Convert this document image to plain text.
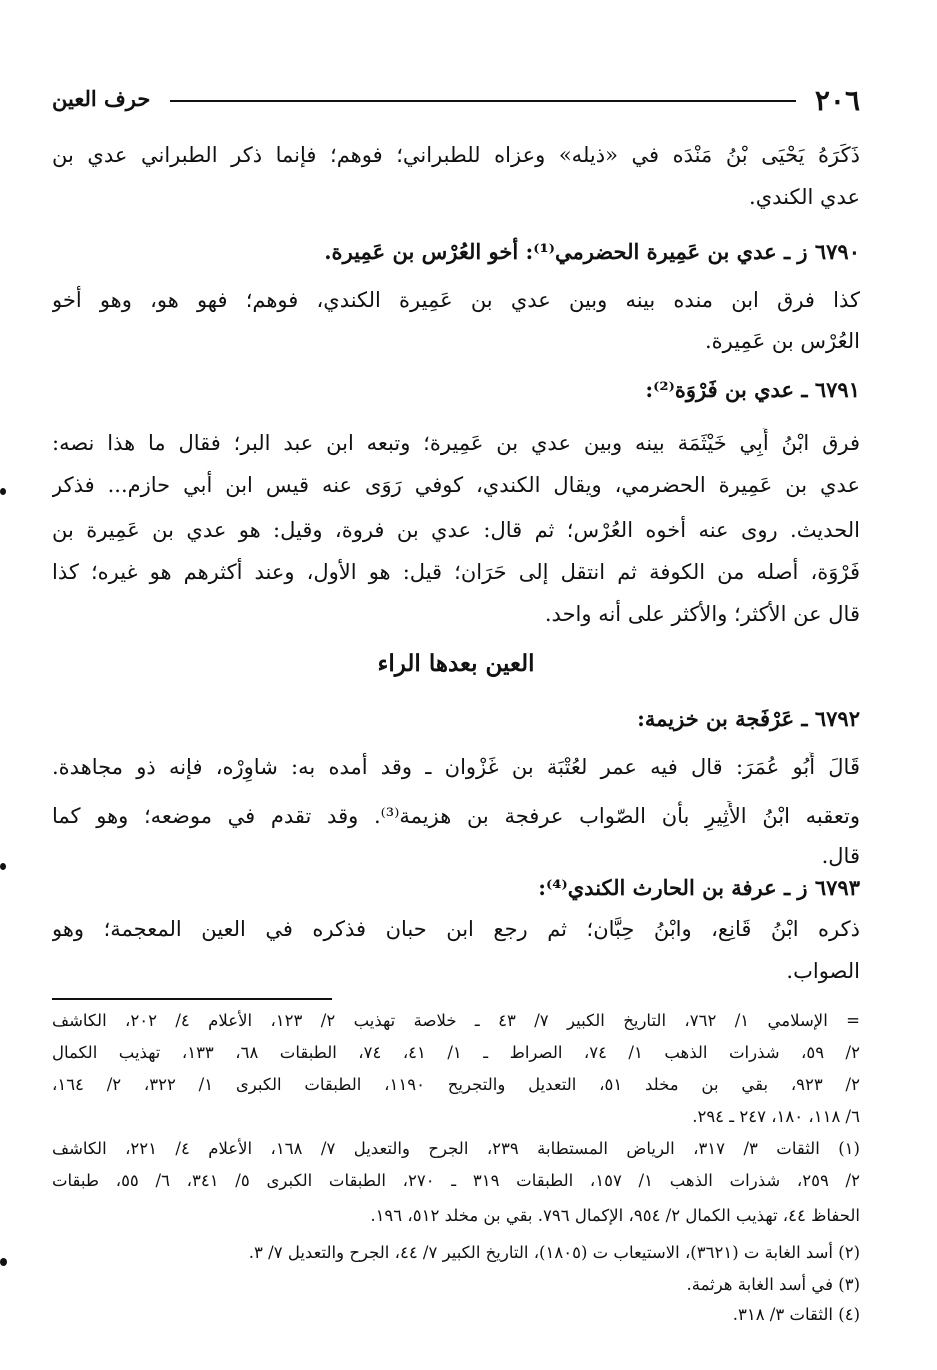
٢٠٦
حرف العين
ذَكَرَهُ يَحْيَى بْنُ مَنْدَه في «ذيله» وعزاه للطبراني؛ فوهم؛ فإنما ذكر الطبراني عدي بن
عدي الكندي.
٦٧٩٠ ز ـ عدي بن عَمِيرة الحضرمي⁽¹⁾: أخو العُرْس بن عَمِيرة.
كذا فرق ابن منده بينه وبين عدي بن عَمِيرة الكندي، فوهم؛ فهو هو، وهو أخو
العُرْس بن عَمِيرة.
٦٧٩١ ـ عدي بن فَرْوَة⁽²⁾:
فرق ابْنُ أَبِي خَيْثَمَة بينه وبين عدي بن عَمِيرة؛ وتبعه ابن عبد البر؛ فقال ما هذا نصه:
عدي بن عَمِيرة الحضرمي، ويقال الكندي، كوفي رَوَى عنه قيس ابن أبي حازم... فذكر
الحديث. روى عنه أخوه العُرْس؛ ثم قال: عدي بن فروة، وقيل: هو عدي بن عَمِيرة بن
فَرْوَة، أصله من الكوفة ثم انتقل إلى حَرَان؛ قيل: هو الأول، وعند أكثرهم هو غيره؛ كذا
قال عن الأكثر؛ والأكثر على أنه واحد.
العين بعدها الراء
٦٧٩٢ ـ عَرْفَجة بن خزيمة:
قَالَ أَبُو عُمَرَ: قال فيه عمر لعُتْبَة بن غَزْوان ـ وقد أمده به: شاوِرْه، فإنه ذو مجاهدة.
وتعقبه ابْنُ الأَثِيرِ بأن الصّواب عرفجة بن هزيمة⁽³⁾. وقد تقدم في موضعه؛ وهو كما
قال.
٦٧٩٣ ز ـ عرفة بن الحارث الكندي⁽⁴⁾:
ذكره ابْنُ قَانِع، وابْنُ حِبَّان؛ ثم رجع ابن حبان فذكره في العين المعجمة؛ وهو
الصواب.
= الإسلامي ١/ ٧٦٢، التاريخ الكبير ٧/ ٤٣ ـ خلاصة تهذيب ٢/ ١٢٣، الأعلام ٤/ ٢٠٢، الكاشف
٢/ ٥٩، شذرات الذهب ١/ ٧٤، الصراط ـ ١/ ٤١، ٧٤، الطبقات ٦٨، ١٣٣، تهذيب الكمال
٢/ ٩٢٣، بقي بن مخلد ٥١، التعديل والتجريح ١١٩٠، الطبقات الكبرى ١/ ٣٢٢، ٢/ ١٦٤،
٦/ ١١٨، ١٨٠، ٢٤٧ ـ ٢٩٤.
(١) الثقات ٣/ ٣١٧، الرياض المستطابة ٢٣٩، الجرح والتعديل ٧/ ١٦٨، الأعلام ٤/ ٢٢١، الكاشف
٢/ ٢٥٩، شذرات الذهب ١/ ١٥٧، الطبقات ٣١٩ ـ ٢٧٠، الطبقات الكبرى ٥/ ٣٤١، ٦/ ٥٥، طبقات
الحفاظ ٤٤، تهذيب الكمال ٢/ ٩٥٤، الإكمال ٧٩٦. بقي بن مخلد ٥١٢، ١٩٦.
(٢) أسد الغابة ت (٣٦٢١)، الاستيعاب ت (١٨٠٥)، التاريخ الكبير ٧/ ٤٤، الجرح والتعديل ٧/ ٣.
(٣) في أسد الغابة هرثمة.
(٤) الثقات ٣/ ٣١٨.
